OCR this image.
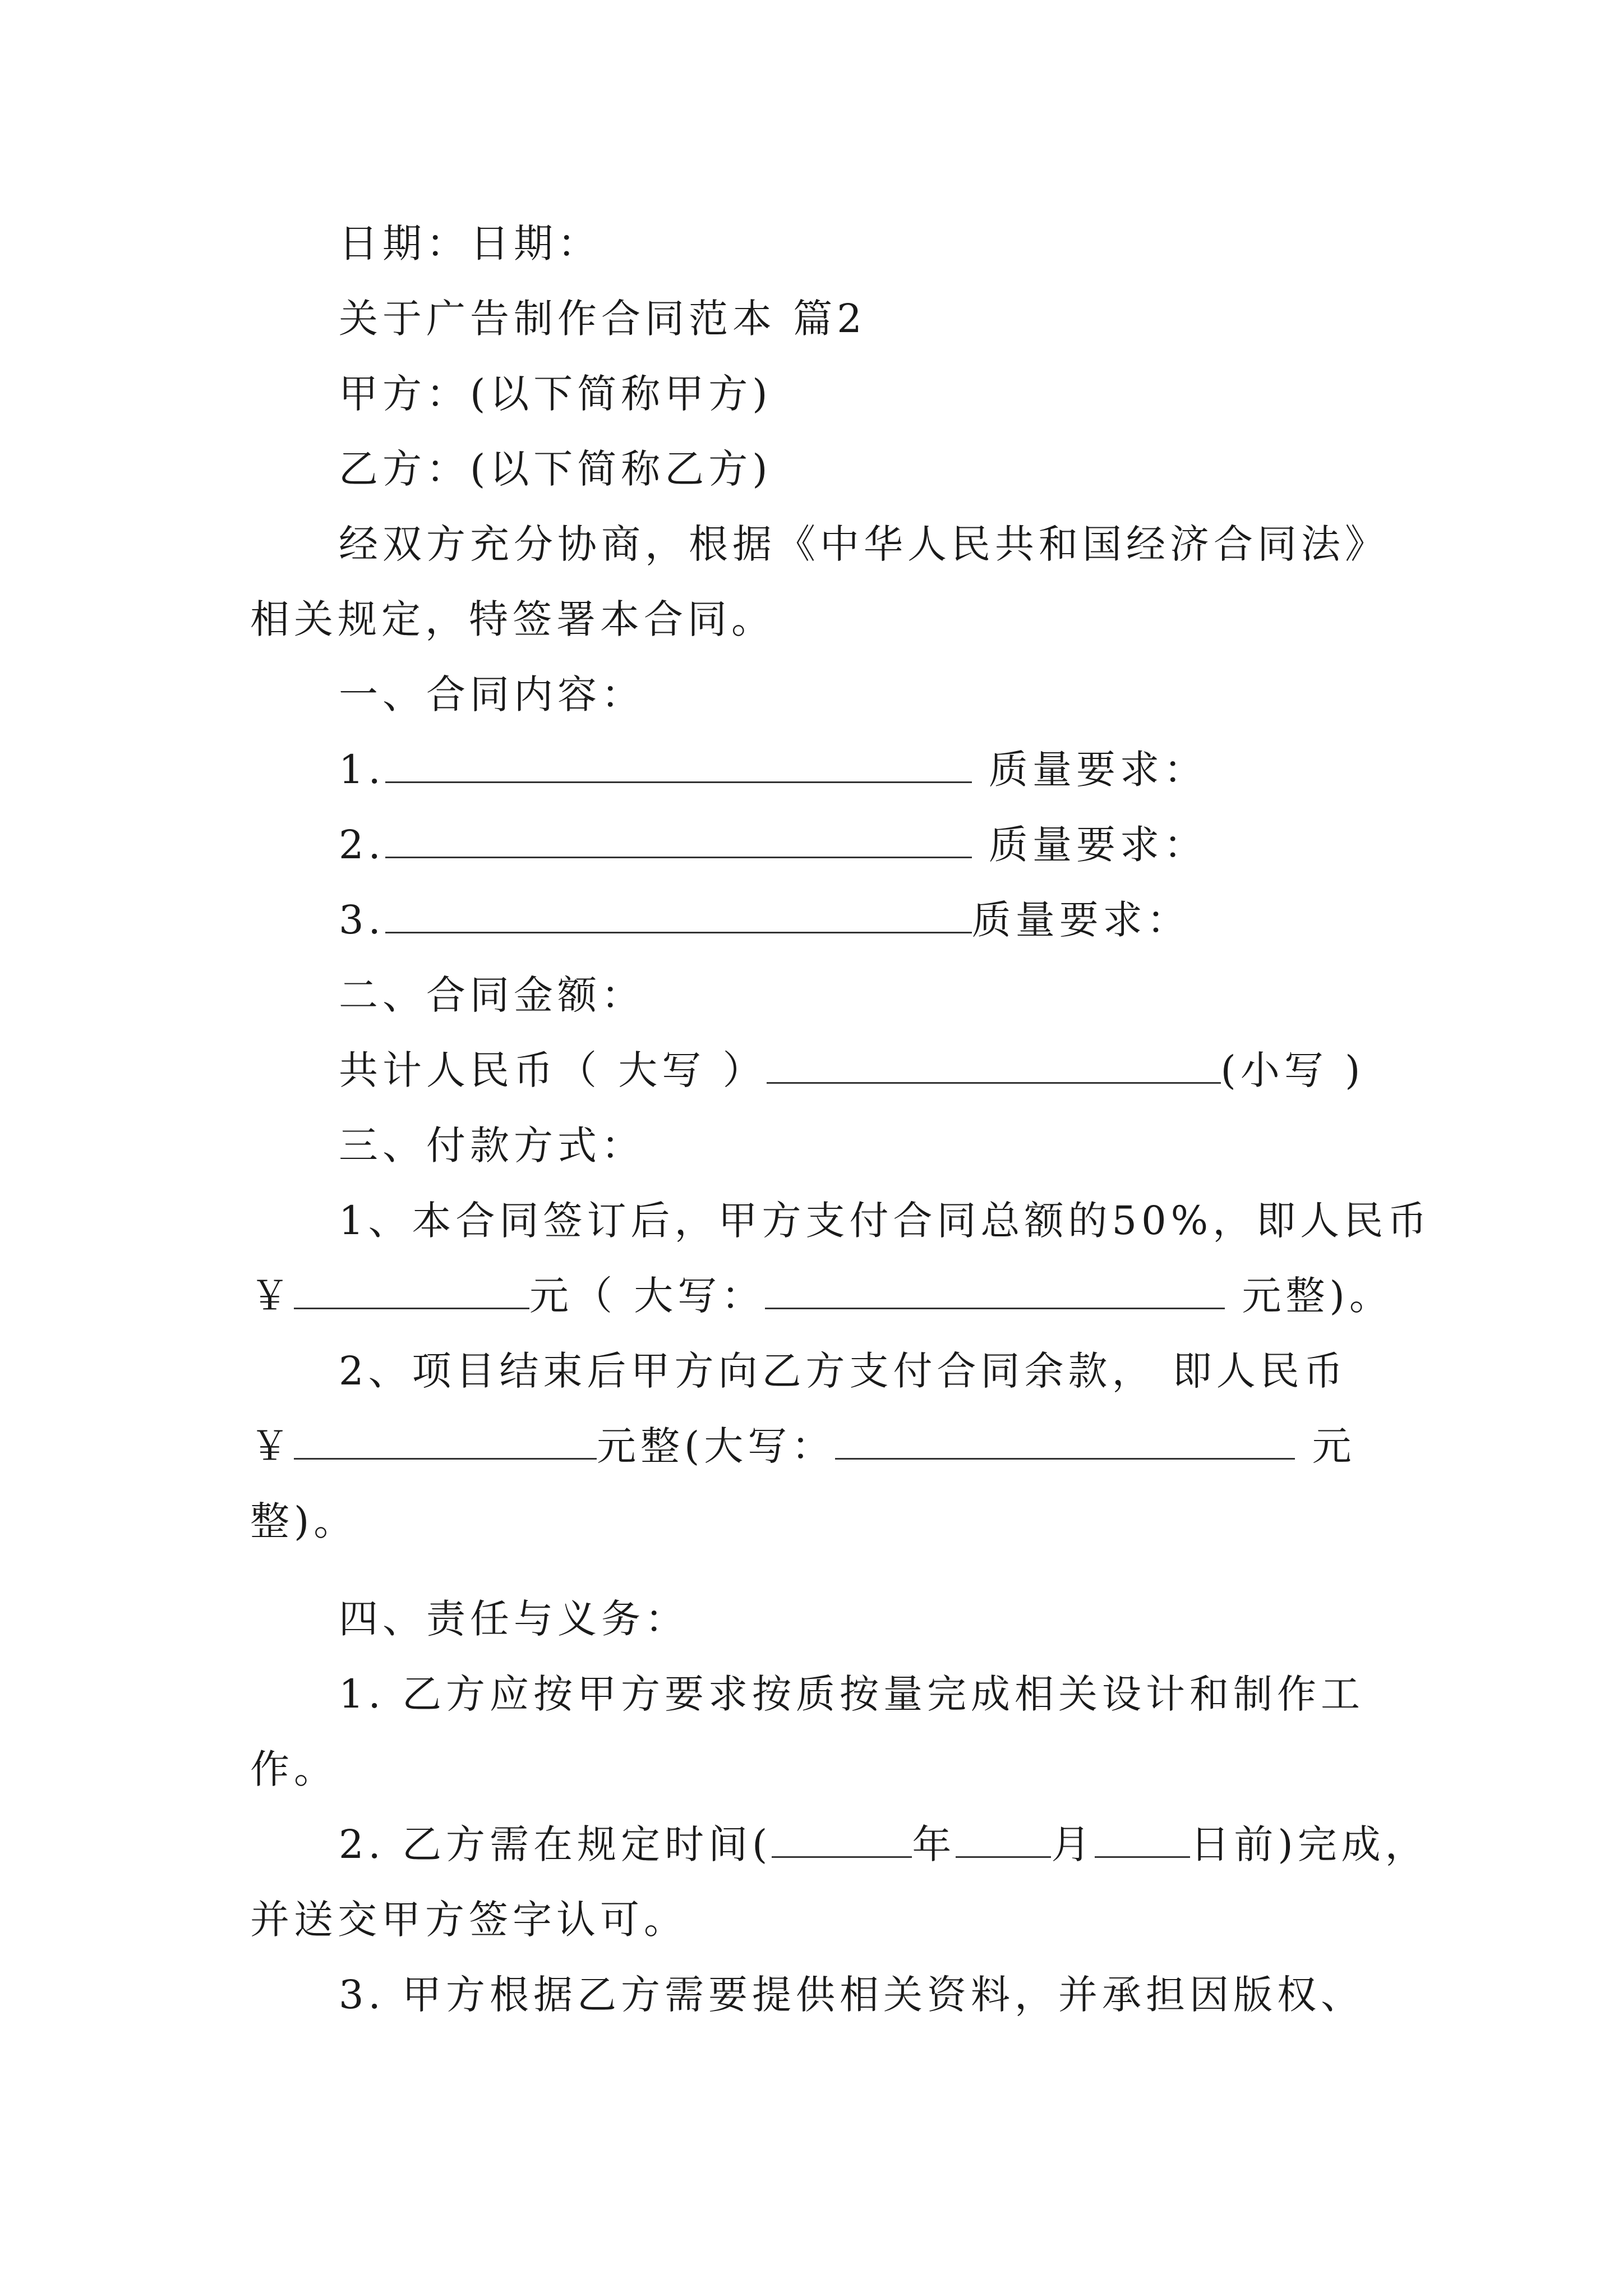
日期：日期：
关于广告制作合同范本 篇2
甲方：(以下简称甲方)
乙方：(以下简称乙方)
经双方充分协商，根据《中华人民共和国经济合同法》
相关规定，特签署本合同。
一、合同内容：
1.	质量要求：
2.	质量要求：
3.	质量要求：
二、合同金额：
共计人民币（ 大写 ）	(小写 )
三、付款方式：
1、本合同签订后，甲方支付合同总额的50%，即人民币
￥	元（ 大写：	元整)。
2、项目结束后甲方向乙方支付合同余款， 即人民币
￥	元整(大写：	元
整)。
四、责任与义务：
1. 乙方应按甲方要求按质按量完成相关设计和制作工
作。
2. 乙方需在规定时间(	年 月 日前)完成，
并送交甲方签字认可。
3. 甲方根据乙方需要提供相关资料，并承担因版权、
